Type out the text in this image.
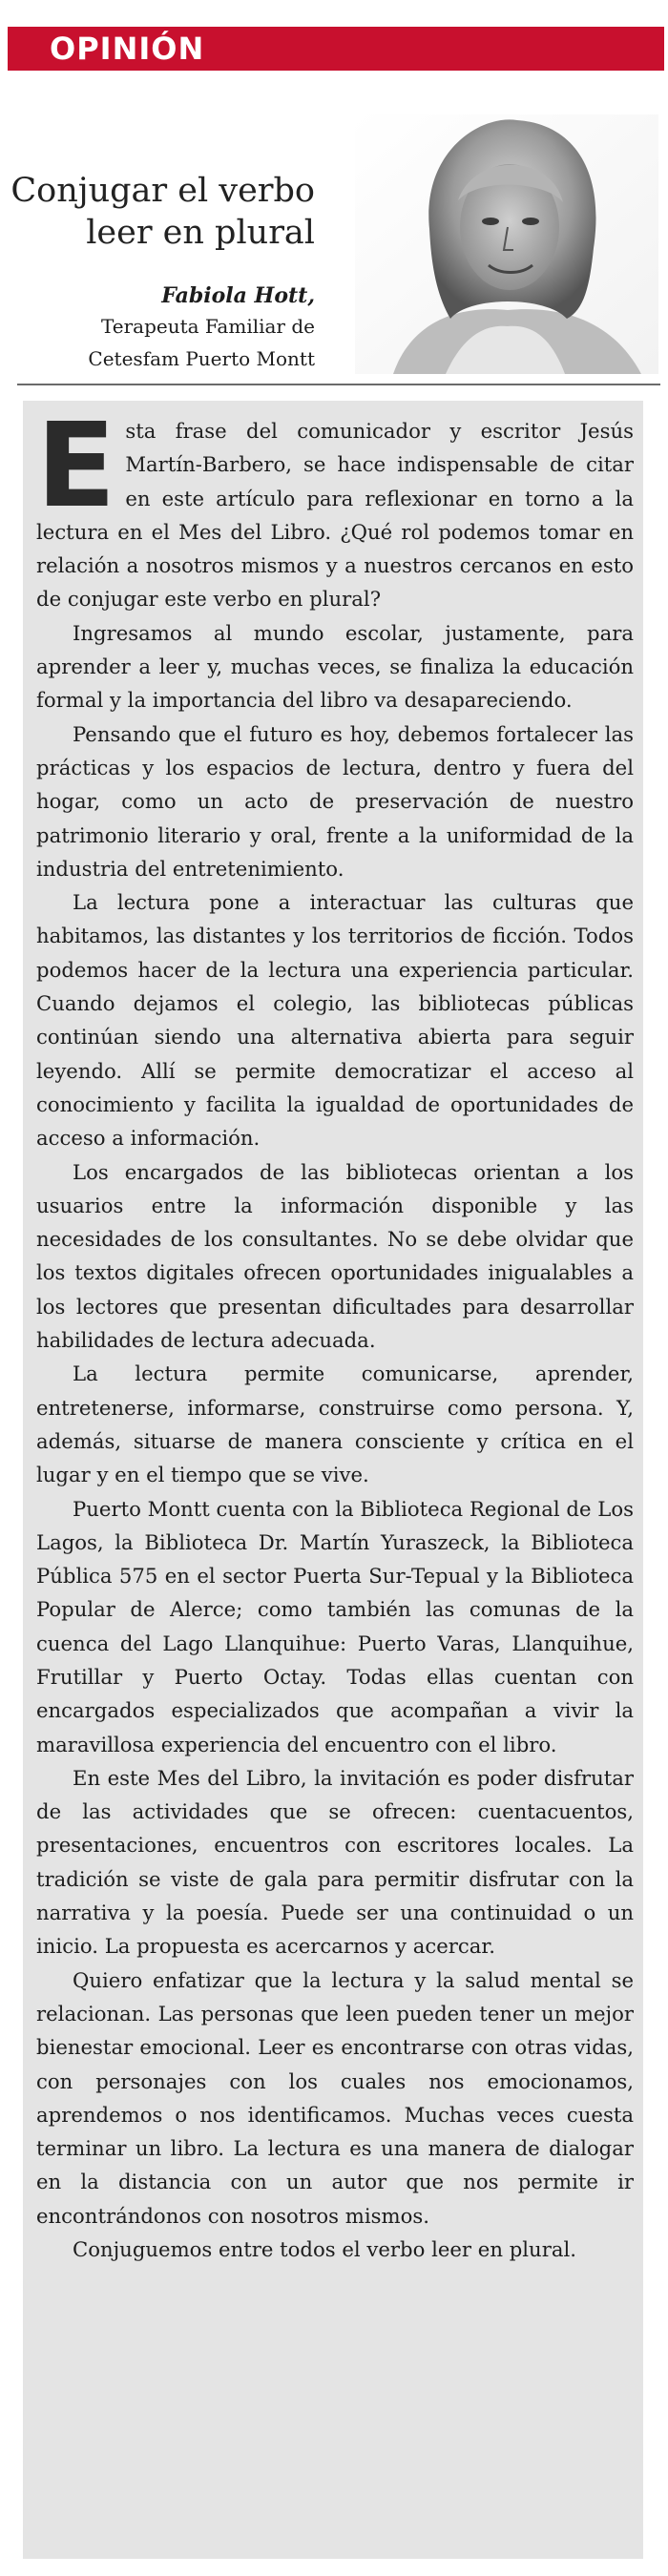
OPINIÓN
Conjugar el verbo leer en plural
Fabiola Hott,
Terapeuta Familiar de
Cetesfam Puerto Montt

Esta frase del comunicador y escritor Jesús Martín-Barbero, se hace indispensable de citar en este artículo para reflexionar en torno a la lectura en el Mes del Libro. ¿Qué rol podemos tomar en relación a nosotros mismos y a nuestros cercanos en esto de conjugar este verbo en plural?

Ingresamos al mundo escolar, justamente, para aprender a leer y, muchas veces, se finaliza la educación formal y la importancia del libro va desapareciendo.

Pensando que el futuro es hoy, debemos fortalecer las prácticas y los espacios de lectura, dentro y fuera del hogar, como un acto de preservación de nuestro patrimonio literario y oral, frente a la uniformidad de la industria del entretenimiento.

La lectura pone a interactuar las culturas que habitamos, las distantes y los territorios de ficción. Todos podemos hacer de la lectura una experiencia particular. Cuando dejamos el colegio, las bibliotecas públicas continúan siendo una alternativa abierta para seguir leyendo. Allí se permite democratizar el acceso al conocimiento y facilita la igualdad de oportunidades de acceso a información.

Los encargados de las bibliotecas orientan a los usuarios entre la información disponible y las necesidades de los consultantes. No se debe olvidar que los textos digitales ofrecen oportunidades inigualables a los lectores que presentan dificultades para desarrollar habilidades de lectura adecuada.

La lectura permite comunicarse, aprender, entretenerse, informarse, construirse como persona. Y, además, situarse de manera consciente y crítica en el lugar y en el tiempo que se vive.

Puerto Montt cuenta con la Biblioteca Regional de Los Lagos, la Biblioteca Dr. Martín Yuraszeck, la Biblioteca Pública 575 en el sector Puerta Sur-Tepual y la Biblioteca Popular de Alerce; como también las comunas de la cuenca del Lago Llanquihue: Puerto Varas, Llanquihue, Frutillar y Puerto Octay. Todas ellas cuentan con encargados especializados que acompañan a vivir la maravillosa experiencia del encuentro con el libro.

En este Mes del Libro, la invitación es poder disfrutar de las actividades que se ofrecen: cuentacuentos, presentaciones, encuentros con escritores locales. La tradición se viste de gala para permitir disfrutar con la narrativa y la poesía. Puede ser una continuidad o un inicio. La propuesta es acercarnos y acercar.

Quiero enfatizar que la lectura y la salud mental se relacionan. Las personas que leen pueden tener un mejor bienestar emocional. Leer es encontrarse con otras vidas, con personajes con los cuales nos emocionamos, aprendemos o nos identificamos. Muchas veces cuesta terminar un libro. La lectura es una manera de dialogar en la distancia con un autor que nos permite ir encontrándonos con nosotros mismos.

Conjuguemos entre todos el verbo leer en plural.
